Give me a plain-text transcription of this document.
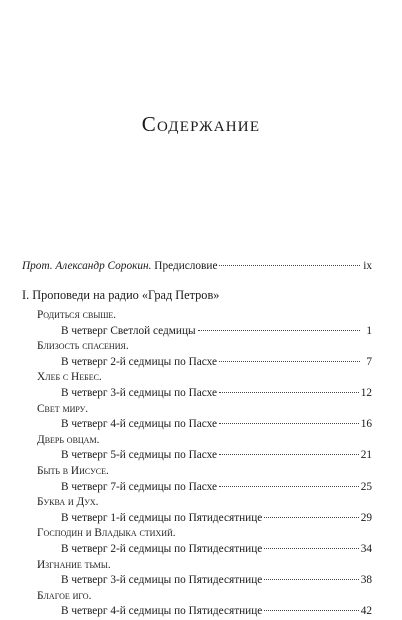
Содержание
Прот. Александр Сорокин.
Предисловие	ix
I. Проповеди на радио «Град Петров»
Родиться свыше.
В четверг Светлой седмицы	1
Близость спасения.
В четверг 2-й седмицы по Пасхе	7
Хлеб с Небес.
В четверг 3-й седмицы по Пасхе	12
Свет миру.
В четверг 4-й седмицы по Пасхе	16
Дверь овцам.
В четверг 5-й седмицы по Пасхе	21
Быть в Иисусе.
В четверг 7-й седмицы по Пасхе	25
Буква и Дух.
В четверг 1-й седмицы по Пятидесятнице	29
Господин и Владыка стихий.
В четверг 2-й седмицы по Пятидесятнице	34
Изгнание тьмы.
В четверг 3-й седмицы по Пятидесятнице	38
Благое иго.
В четверг 4-й седмицы по Пятидесятнице	42
